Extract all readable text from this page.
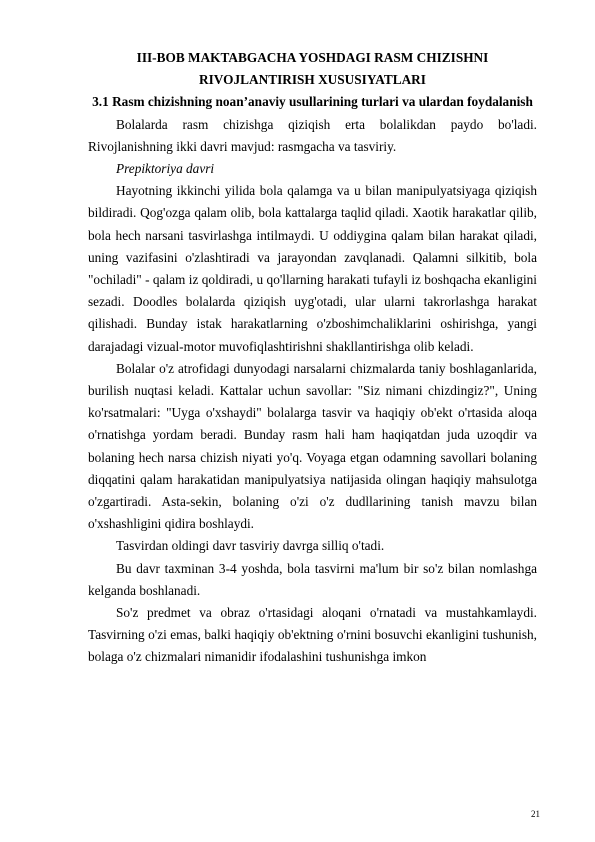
III-BOB MAKTABGACHA YOSHDAGI RASM CHIZISHNI RIVOJLANTIRISH XUSUSIYATLARI

3.1 Rasm chizishning noan’anaviy usullarining turlari va ulardan foydalanish

Bolalarda rasm chizishga qiziqish erta bolalikdan paydo bo'ladi. Rivojlanishning ikki davri mavjud: rasmgacha va tasviriy.

Prepiktoriya davri

Hayotning ikkinchi yilida bola qalamga va u bilan manipulyatsiyaga qiziqish bildiradi. Qog'ozga qalam olib, bola kattalarga taqlid qiladi. Xaotik harakatlar qilib, bola hech narsani tasvirlashga intilmaydi. U oddiygina qalam bilan harakat qiladi, uning vazifasini o'zlashtiradi va jarayondan zavqlanadi. Qalamni silkitib, bola "ochiladi" - qalam iz qoldiradi, u qo'llarning harakati tufayli iz boshqacha ekanligini sezadi. Doodles bolalarda qiziqish uyg'otadi, ular ularni takrorlashga harakat qilishadi. Bunday istak harakatlarning o'zboshimchaliklarini oshirishga, yangi darajadagi vizual-motor muvofiqlashtirishni shakllantirishga olib keladi.

Bolalar o'z atrofidagi dunyodagi narsalarni chizmalarda taniy boshlaganlarida, burilish nuqtasi keladi. Kattalar uchun savollar: "Siz nimani chizdingiz?", Uning ko'rsatmalari: "Uyga o'xshaydi" bolalarga tasvir va haqiqiy ob'ekt o'rtasida aloqa o'rnatishga yordam beradi. Bunday rasm hali ham haqiqatdan juda uzoqdir va bolaning hech narsa chizish niyati yo'q. Voyaga etgan odamning savollari bolaning diqqatini qalam harakatidan manipulyatsiya natijasida olingan haqiqiy mahsulotga o'zgartiradi. Asta-sekin, bolaning o'zi o'z dudllarining tanish mavzu bilan o'xshashligini qidira boshlaydi.

Tasvirdan oldingi davr tasviriy davrga silliq o'tadi.

Bu davr taxminan 3-4 yoshda, bola tasvirni ma'lum bir so'z bilan nomlashga kelganda boshlanadi.

So'z predmet va obraz o'rtasidagi aloqani o'rnatadi va mustahkamlaydi. Tasvirning o'zi emas, balki haqiqiy ob'ektning o'rnini bosuvchi ekanligini tushunish, bolaga o'z chizmalari nimanidir ifodalashini tushunishga imkon

21
